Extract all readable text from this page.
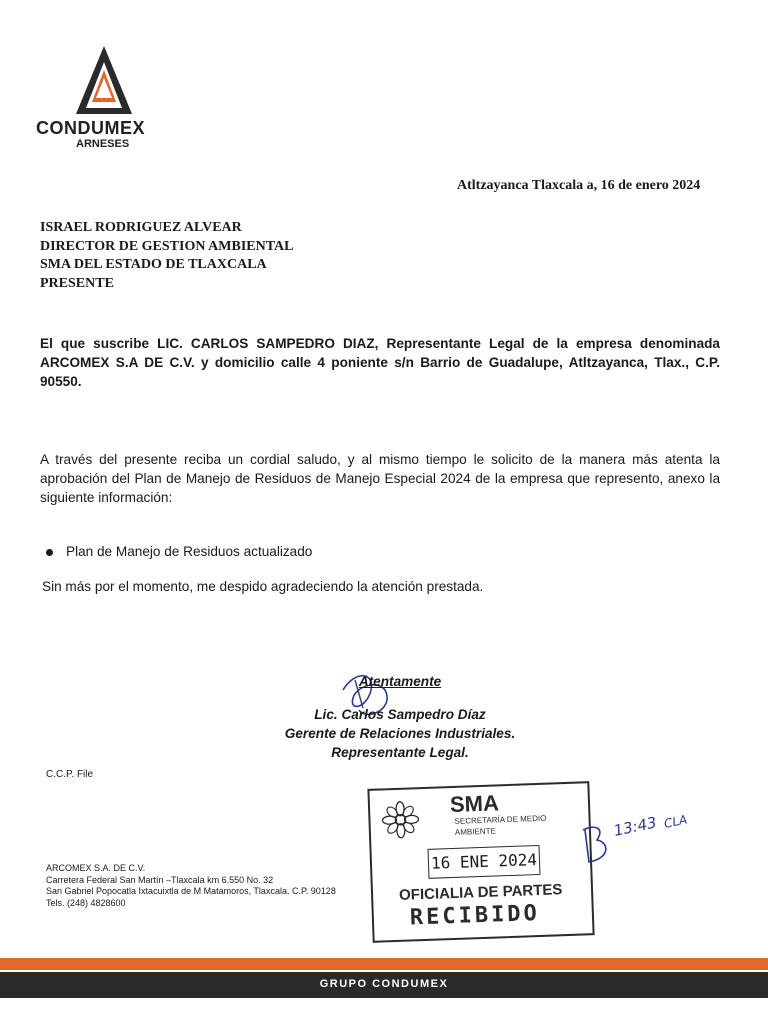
CONDUMEX
ARNESES
Atltzayanca Tlaxcala a, 16 de enero 2024
ISRAEL RODRIGUEZ ALVEAR
DIRECTOR DE GESTION AMBIENTAL
SMA DEL ESTADO DE TLAXCALA
PRESENTE
El que suscribe LIC. CARLOS SAMPEDRO DIAZ, Representante Legal de la empresa denominada ARCOMEX S.A DE C.V. y domicilio calle 4 poniente s/n Barrio de Guadalupe, Atltzayanca, Tlax., C.P. 90550.
A través del presente reciba un cordial saludo, y al mismo tiempo le solicito de la manera más atenta la aprobación del Plan de Manejo de Residuos de Manejo Especial 2024 de la empresa que represento, anexo la siguiente información:
Plan de Manejo de Residuos actualizado
Sin más por el momento, me despido agradeciendo la atención prestada.
Atentamente
Lic. Carlos Sampedro Díaz
Gerente de Relaciones Industriales.
Representante Legal.
C.C.P. File
ARCOMEX S.A. DE C.V.
Carretera Federal San Martín –Tlaxcala km 6.550 No. 32
San Gabriel Popocatla Ixtacuixtla de M Matamoros, Tlaxcala. C.P. 90128
Tels. (248) 4828600
SMA
SECRETARÍA DE MEDIO
AMBIENTE
16 ENE 2024
OFICIALIA DE PARTES
RECIBIDO
13:43 CLA
GRUPO CONDUMEX
